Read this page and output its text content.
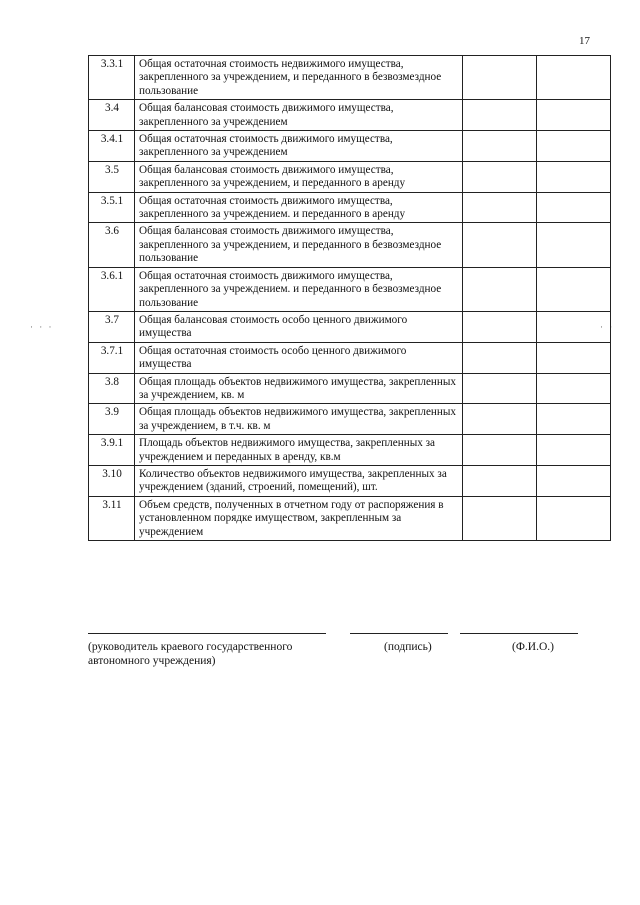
17
· · ·	· ·
3.3.1	Общая остаточная стоимость недвижимого имущества, закрепленного за учреждением, и переданного в безвозмездное пользование		
3.4	Общая балансовая стоимость движимого имущества, закрепленного за учреждением		
3.4.1	Общая остаточная стоимость движимого имущества, закрепленного за учреждением		
3.5	Общая балансовая стоимость движимого имущества, закрепленного за учреждением, и переданного в аренду		
3.5.1	Общая остаточная стоимость движимого имущества, закрепленного за учреждением. и переданного в аренду		
3.6	Общая балансовая стоимость движимого имущества, закрепленного за учреждением, и переданного в безвозмездное пользование		
3.6.1	Общая остаточная стоимость движимого имущества, закрепленного за учреждением. и переданного в безвозмездное пользование		
3.7	Общая балансовая стоимость особо ценного движимого имущества		
3.7.1	Общая остаточная стоимость особо ценного движимого имущества		
3.8	Общая площадь объектов недвижимого имущества, закрепленных за учреждением, кв. м		
3.9	Общая площадь объектов недвижимого имущества, закрепленных за учреждением, в т.ч. кв. м		
3.9.1	Площадь объектов недвижимого имущества, закрепленных за учреждением и переданных в аренду, кв.м		
3.10	Количество объектов недвижимого имущества, закрепленных за учреждением (зданий, строений, помещений), шт.		
3.11	Объем средств, полученных в отчетном году от распоряжения в установленном порядке имуществом, закрепленным за учреждением		
(руководитель краевого государственного автономного учреждения)
(подпись)	(Ф.И.О.)
